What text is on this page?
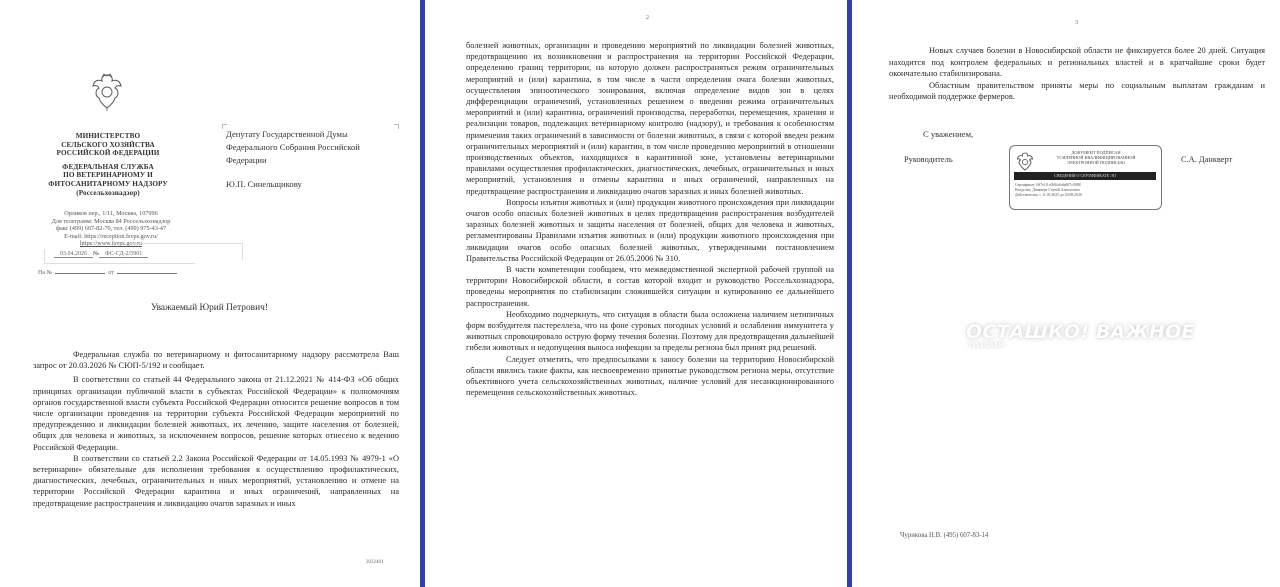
МИНИСТЕРСТВО
СЕЛЬСКОГО ХОЗЯЙСТВА
РОССИЙСКОЙ ФЕДЕРАЦИИ
ФЕДЕРАЛЬНАЯ СЛУЖБА
ПО ВЕТЕРИНАРНОМУ И
ФИТОСАНИТАРНОМУ НАДЗОРУ
(Россельхознадзор)
Орликов пер., 1/11, Москва, 107996
Для телеграмм: Москва 84 Россельхознадзор
факс (499) 607-82-70, тел. (499) 975-43-47
E-mail: https://reception.fsvps.gov.ru/
https://www.fsvps.gov.ru
03.04.2026 № ФС-СД-2/5901
На №	от
Депутату Государственной Думы
Федерального Собрания Российской
Федерации
Ю.П. Синельщикову
Уважаемый Юрий Петрович!

Федеральная служба по ветеринарному и фитосанитарному надзору рассмотрела Ваш запрос от 20.03.2026 № СЮП-5/192 и сообщает.

В соответствии со статьей 44 Федерального закона от 21.12.2021 № 414-ФЗ «Об общих принципах организации публичной власти в субъектах Российской Федерации» к полномочиям органов государственной власти субъекта Российской Федерации относится решение вопросов в том числе организации проведения на территории субъекта Российской Федерации мероприятий по предупреждению и ликвидации болезней животных, их лечению, защите населения от болезней, общих для человека и животных, за исключением вопросов, решение которых отнесено к ведению Российской Федерации.

В соответствии со статьей 2.2 Закона Российской Федерации от 14.05.1993 № 4979-1 «О ветеринарии» обязательные для исполнения требования к осуществлению профилактических, диагностических, лечебных, ограничительных и иных мероприятий, установлению и отмене на территории Российской Федерации карантина и иных ограничений, направленных на предотвращение распространения и ликвидацию очагов заразных и иных

2032401
2

болезней животных, организации и проведению мероприятий по ликвидации болезней животных, предотвращению их возникновения и распространения на территории Российской Федерации, определению границ территории, на которую должен распространяться режим ограничительных мероприятий и (или) карантина, в том числе в части определения очага болезни животных, осуществления эпизоотического зонирования, включая определение видов зон в целях дифференциации ограничений, установленных решением о введении режима ограничительных мероприятий и (или) карантина, ограничений производства, переработки, перемещения, хранения и реализации товаров, подлежащих ветеринарному контролю (надзору), и требования к особенностям применения таких ограничений в зависимости от болезни животных, в связи с которой введен режим ограничительных мероприятий и (или) карантин, в том числе проведению мероприятий в отношении производственных объектов, находящихся в карантинной зоне, установлены ветеринарными правилами осуществления профилактических, диагностических, лечебных, ограничительных и иных мероприятий, установления и отмены карантина и иных ограничений, направленных на предотвращение распространения и ликвидацию очагов заразных и иных болезней животных.

Вопросы изъятия животных и (или) продукции животного происхождения при ликвидации очагов особо опасных болезней животных в целях предотвращения распространения возбудителей заразных болезней животных и защиты населения от болезней, общих для человека и животных, регламентированы Правилами изъятия животных и (или) продукции животного происхождения при ликвидации очагов особо опасных болезней животных, утвержденными постановлением Правительства Российской Федерации от 26.05.2006 № 310.

В части компетенции сообщаем, что межведомственной экспертной рабочей группой на территории Новосибирской области, в состав которой входит и руководство Россельхознадзора, проведены мероприятия по стабилизации сложившейся ситуации и купированию ее дальнейшего распространения.

Необходимо подчеркнуть, что ситуация в области была осложнена наличием нетипичных форм возбудителя пастереллеза, что на фоне суровых погодных условий и ослабления иммунитета у животных спровоцировало острую форму течения болезни. Поэтому для предотвращения дальнейшей гибели животных и недопущения выноса инфекции за пределы региона был принят ряд решений.

Следует отметить, что предпосылками к заносу болезни на территорию Новосибирской области явились такие факты, как несвоевременно принятые руководством региона меры, отсутствие объективного учета сельскохозяйственных животных, наличие условий для несанкционированного перемещения сельскохозяйственных животных.

3

Новых случаев болезни в Новосибирской области не фиксируется более 20 дней. Ситуация находится под контролем федеральных и региональных властей и в кратчайшие сроки будет окончательно стабилизирована.

Областным правительством приняты меры по социальным выплатам гражданам и необходимой поддержке фермеров.

С уважением,
Руководитель
ДОКУМЕНТ ПОДПИСАН
УСИЛЕННОЙ КВАЛИФИЦИРОВАННОЙ
ЭЛЕКТРОННОЙ ПОДПИСЬЮ
СВЕДЕНИЯ О СЕРТИФИКАТЕ ЭП
Сертификат: 0d7e1f1c0b9fa6a6a8f7c0088
Владелец: Данкверт Сергей Алексеевич
Действителен: с 11.05.2025 до 04.08.2026
С.А. Данкверт
ОСТАШКО! ВАЖНОЕ
TELEGRAM
Чурикова Н.В. (495) 607-83-14
